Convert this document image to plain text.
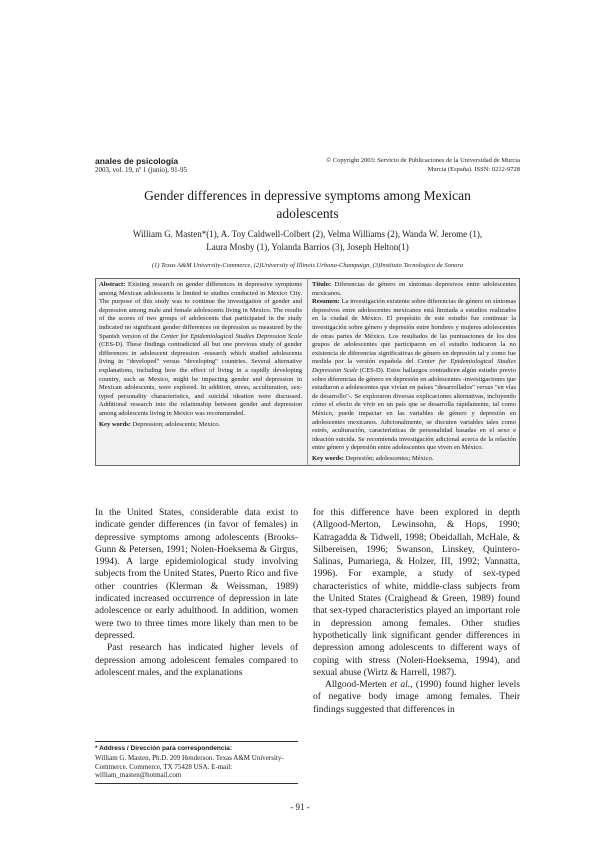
anales de psicología
2003, vol. 19, nº 1 (junio), 91-95
© Copyright 2003: Servicio de Publicaciones de la Universidad de Murcia
Murcia (España). ISSN: 0212-9728
Gender differences in depressive symptoms among Mexican
adolescents
William G. Masten*(1), A. Toy Caldwell-Colbert (2), Velma Williams (2), Wanda W. Jerome (1),
Laura Mosby (1), Yolanda Barrios (3), Joseph Helton(1)
(1) Texas A&M University-Commerce, (2)University of Illinois Urbana-Champaign, (3)Instituto Tecnologico de Sonora
Abstract: Existing research on gender differences in depressive symptoms among Mexican adolescents is limited to studies conducted in Mexico City. The purpose of this study was to continue the investigation of gender and depression among male and female adolescents living in Mexico. The results of the scores of two groups of adolescents that participated in the study indicated no significant gender differences on depression as measured by the Spanish version of the Center for Epidemiological Studies Depression Scale (CES-D). These findings contradicted all but one previous study of gender differences in adolescent depression -research which studied adolescents living in "developed" versus "developing" countries. Several alternative explanations, including how the effect of living in a rapidly developing country, such as Mexico, might be impacting gender and depression in Mexican adolescents, were explored. In addition, stress, acculturation, sex-typed personality characteristics, and suicidal ideation were discussed. Additional research into the relationship between gender and depression among adolescents living in Mexico was recommended.
Key words: Depression; adolescents; Mexico.
Título: Diferencias de género en síntomas depresivos entre adolescentes mexicanos.
Resumen: La investigación existente sobre diferencias de género en síntomas depresivos entre adolescentes mexicanos está limitada a estudios realizados en la ciudad de México. El propósito de este estudio fue continuar la investigación sobre género y depresión entre hombres y mujeres adolescentes de otras partes de México. Los resultados de las puntuaciones de los dos grupos de adolescentes que participaron en el estudio indicaron la no existencia de diferencias significativas de género en depresión tal y como fue medida por la versión española del Center for Epidemiological Studies Depression Scale (CES-D). Estos hallazgos contradicen algún estudio previo sobre diferencias de género en depresión en adolescentes -investigaciones que estudiaron a adolescentes que vivían en países "desarrollados" versus "en vías de desarrollo"-. Se exploraron diversas explicaciones alternativas, incluyendo cómo el efecto de vivir en un país que se desarrolla rápidamente, tal como México, puede impactar en las variables de género y depresión en adolescentes mexicanos. Adicionalmente, se discuten variables tales como estrés, aculturación, características de personalidad basadas en el sexo e ideación suicida. Se recomienda investigación adicional acerca de la relación entre género y depresión entre adolescentes que viven en México.
Key words: Depresión; adolescentes; México.

In the United States, considerable data exist to indicate gender differences (in favor of females) in depressive symptoms among adolescents (Brooks-Gunn & Petersen, 1991; Nolen-Hoeksema & Girgus, 1994). A large epidemiological study involving subjects from the United States, Puerto Rico and five other countries (Klerman & Weissman, 1989) indicated increased occurrence of depression in late adolescence or early adulthood. In addition, women were two to three times more likely than men to be depressed.

Past research has indicated higher levels of depression among adolescent females compared to adolescent males, and the explanations

for this difference have been explored in depth (Allgood-Merton, Lewinsohn, & Hops, 1990; Katragadda & Tidwell, 1998; Obeidallah, McHale, & Silbereisen, 1996; Swanson, Linskey, Quintero-Salinas, Pumariega, & Holzer, III, 1992; Vannatta, 1996). For example, a study of sex-typed characteristics of white, middle-class subjects from the United States (Craighead & Green, 1989) found that sex-typed characteristics played an important role in depression among females. Other studies hypothetically link significant gender differences in depression among adolescents to different ways of coping with stress (Nolen-Hoeksema, 1994), and sexual abuse (Wirtz & Harrell, 1987).

Allgood-Merten et al., (1990) found higher levels of negative body image among females. Their findings suggested that differences in

* Address / Dirección para correspondencia:
William G. Masten, Ph.D. 209 Henderson. Texas A&M University-Commerce. Commerce, TX 75428 USA. E-mail: william_masten@hotmail.com
- 91 -
